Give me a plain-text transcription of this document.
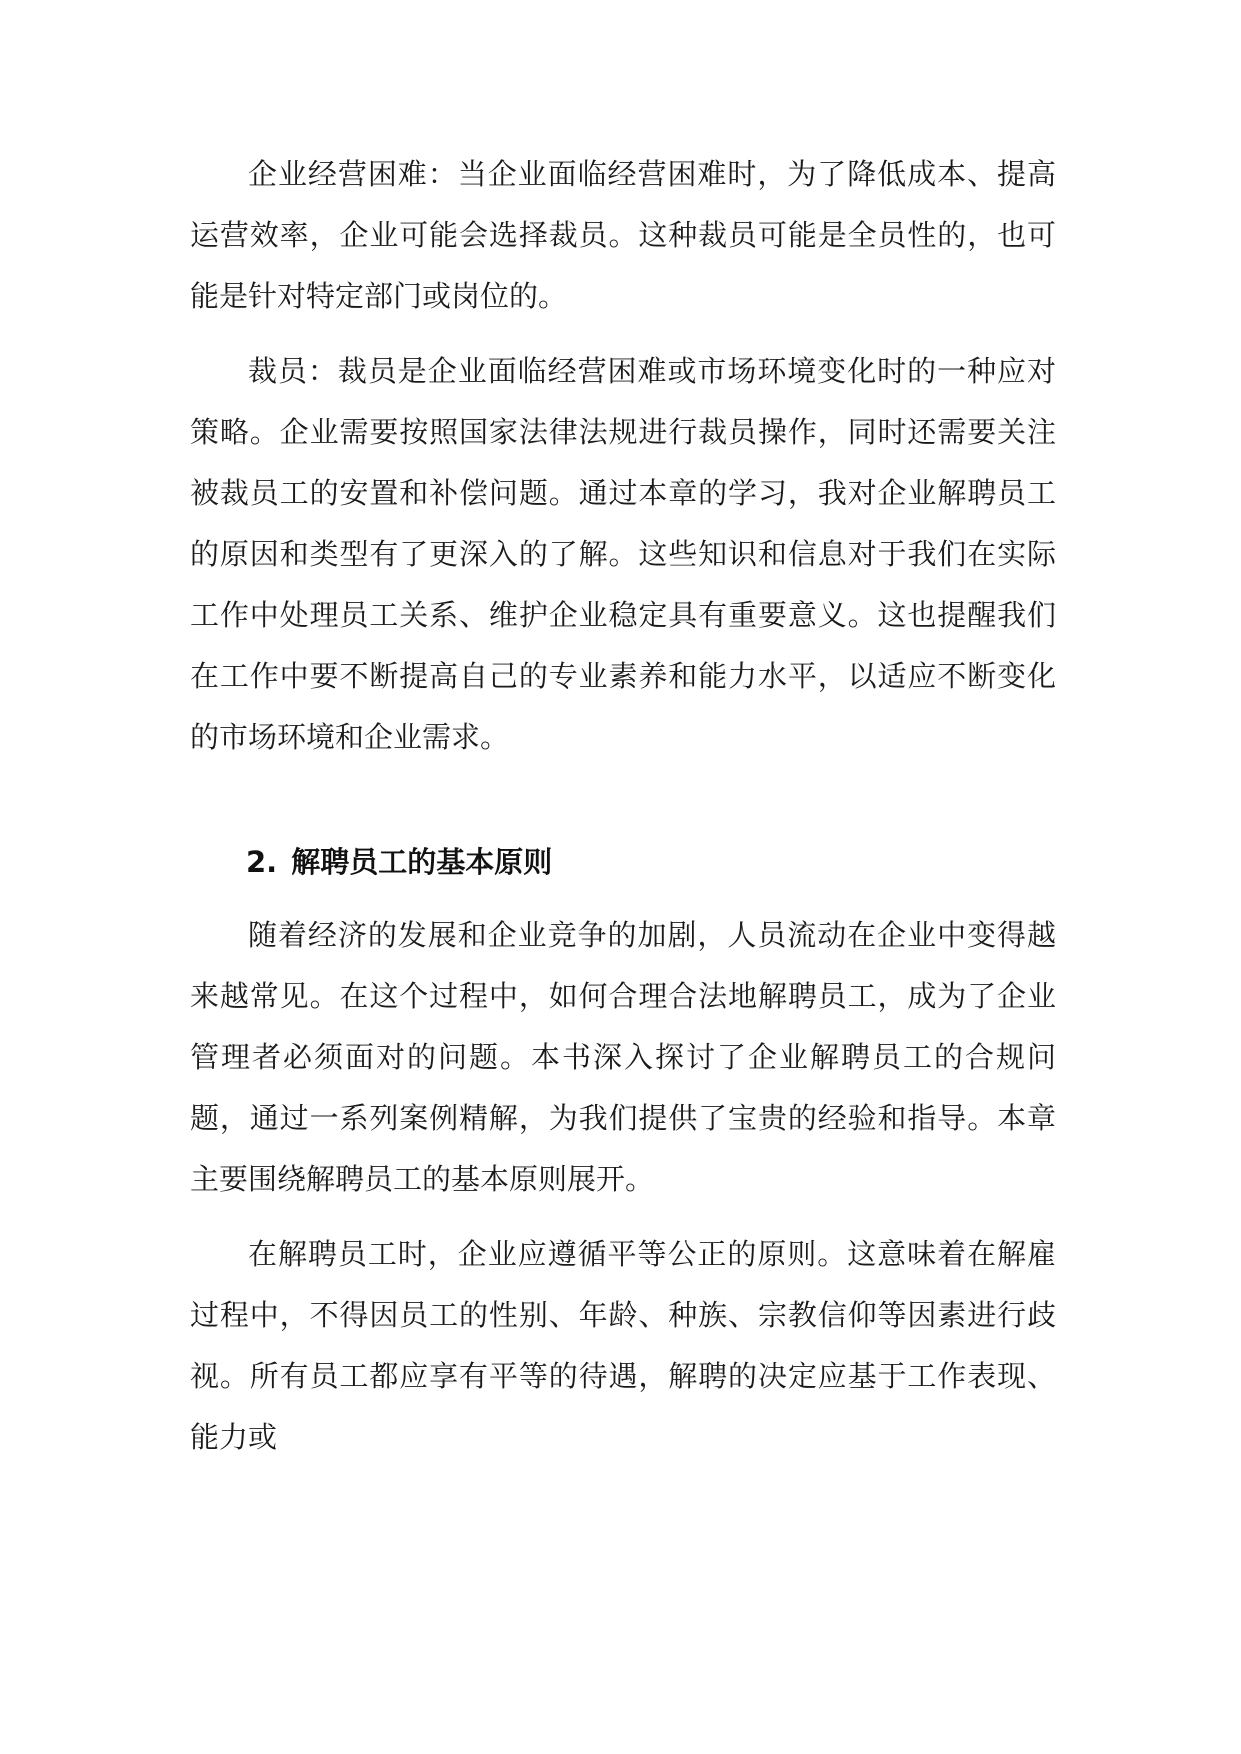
企业经营困难：当企业面临经营困难时，为了降低成本、提高运营效率，企业可能会选择裁员。这种裁员可能是全员性的，也可能是针对特定部门或岗位的。

裁员：裁员是企业面临经营困难或市场环境变化时的一种应对策略。企业需要按照国家法律法规进行裁员操作，同时还需要关注被裁员工的安置和补偿问题。通过本章的学习，我对企业解聘员工的原因和类型有了更深入的了解。这些知识和信息对于我们在实际工作中处理员工关系、维护企业稳定具有重要意义。这也提醒我们在工作中要不断提高自己的专业素养和能力水平，以适应不断变化的市场环境和企业需求。

2. 解聘员工的基本原则

随着经济的发展和企业竞争的加剧，人员流动在企业中变得越来越常见。在这个过程中，如何合理合法地解聘员工，成为了企业管理者必须面对的问题。本书深入探讨了企业解聘员工的合规问题，通过一系列案例精解，为我们提供了宝贵的经验和指导。本章主要围绕解聘员工的基本原则展开。

在解聘员工时，企业应遵循平等公正的原则。这意味着在解雇过程中，不得因员工的性别、年龄、种族、宗教信仰等因素进行歧视。所有员工都应享有平等的待遇，解聘的决定应基于工作表现、能力或
